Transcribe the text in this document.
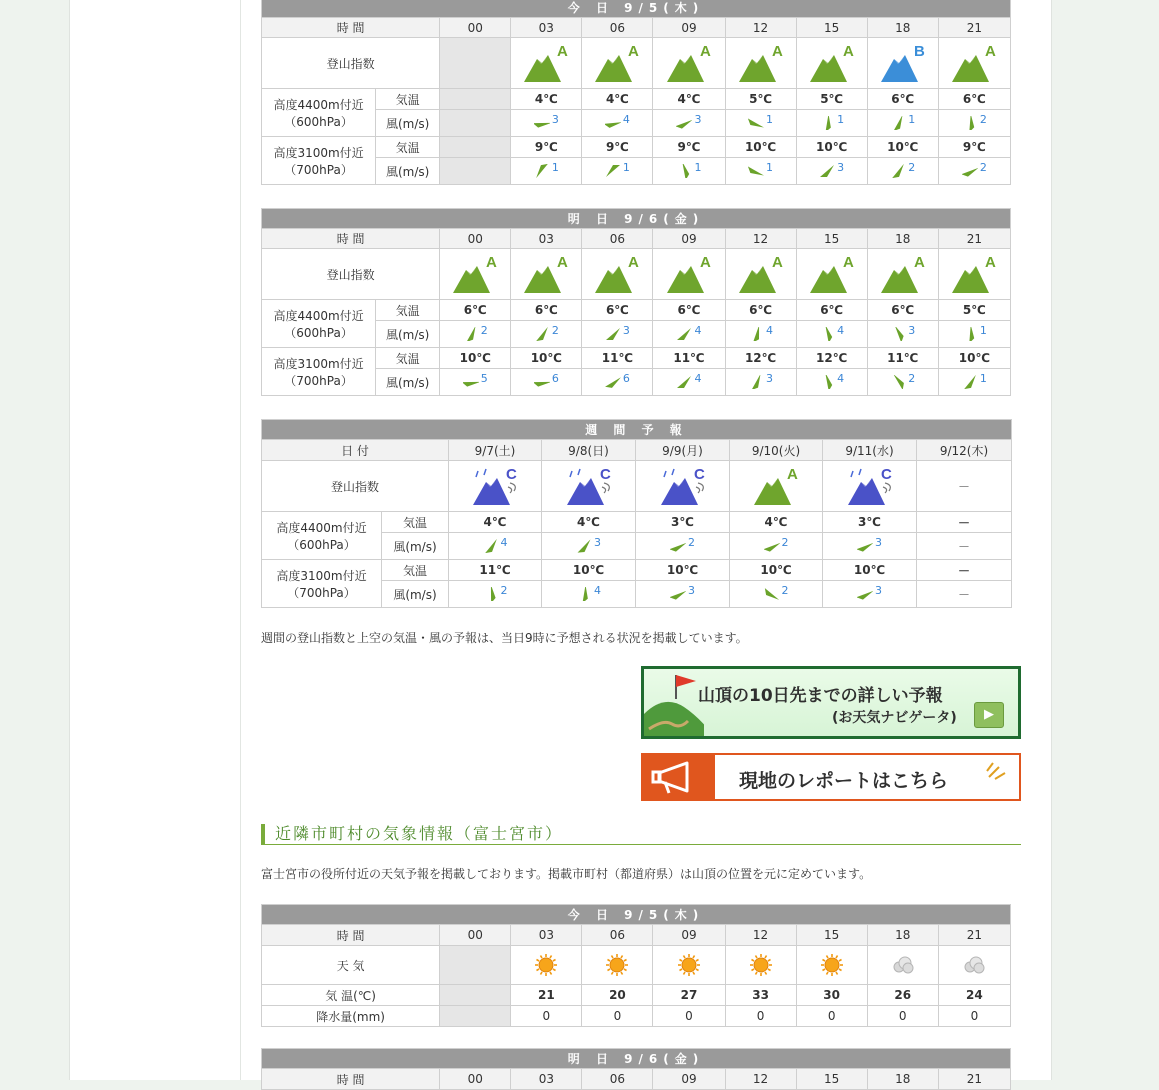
今 日 9/5(木)									
時 間		00	03	06	09	12	15	18	21
登山指数			A	A	A	A	A	B	A

高度4400m付近
（600hPa）	気温		4℃	4℃	4℃	5℃	5℃	6℃	6℃
	風(m/s)		3	4	3	1	1	1	2
高度3100m付近
（700hPa）	気温		9℃	9℃	9℃	10℃	10℃	10℃	9℃
	風(m/s)		1	1	1	1	3	2	2
明 日 9/6(金)									
時 間		00	03	06	09	12	15	18	21
登山指数		A	A	A	A	A	A	A	A

高度4400m付近
（600hPa）	気温	6℃	6℃	6℃	6℃	6℃	6℃	6℃	5℃
	風(m/s)	2	2	3	4	4	4	3	1
高度3100m付近
（700hPa）	気温	10℃	10℃	11℃	11℃	12℃	12℃	11℃	10℃
	風(m/s)	5	6	6	4	3	4	2	1
週 間 予 報							
日 付		9/7(土)	9/8(日)	9/9(月)	9/10(火)	9/11(水)	9/12(木)
登山指数		C	C	C	A	C	－
高度4400m付近
（600hPa）	気温	4℃	4℃	3℃	4℃	3℃	－
	風(m/s)	4	3	2	2	3	－
高度3100m付近
（700hPa）	気温	11℃	10℃	10℃	10℃	10℃	－
	風(m/s)	2	4	3	2	3	－
週間の登山指数と上空の気温・風の予報は、当日9時に予想される状況を掲載しています。
山頂の10日先までの詳しい予報
(お天気ナビゲータ)	▶
現地のレポートはこちら
近隣市町村の気象情報（富士宮市）
富士宮市の役所付近の天気予報を掲載しております。掲載市町村（都道府県）は山頂の位置を元に定めています。
今 日 9/5(木)								
時 間	00	03	06	09	12	15	18	21
天 気								
気 温(℃)		21	20	27	33	30	26	24
降水量(mm)		0	0	0	0	0	0	0
明 日 9/6(金)
時 間	00	03	06	09	12	15	18	21
